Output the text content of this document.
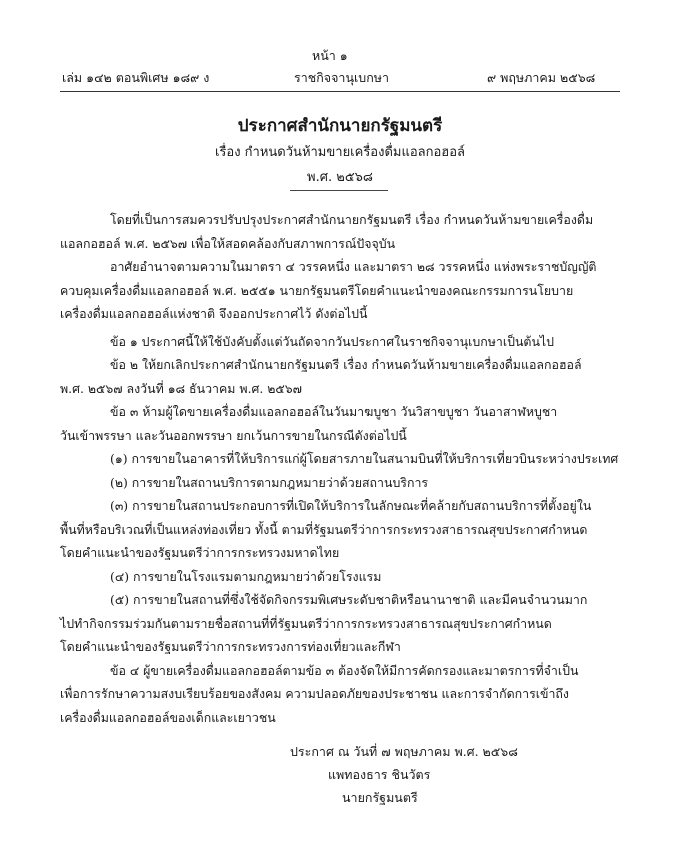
หน้า ๑
เล่ม ๑๔๒ ตอนพิเศษ ๑๘๙ ง	ราชกิจจานุเบกษา	๙ พฤษภาคม ๒๕๖๘
ประกาศสำนักนายกรัฐมนตรี
เรื่อง กำหนดวันห้ามขายเครื่องดื่มแอลกอฮอล์
พ.ศ. ๒๕๖๘
โดยที่เป็นการสมควรปรับปรุงประกาศสำนักนายกรัฐมนตรี เรื่อง กำหนดวันห้ามขายเครื่องดื่ม
แอลกอฮอล์ พ.ศ. ๒๕๖๗ เพื่อให้สอดคล้องกับสภาพการณ์ปัจจุบัน
อาศัยอำนาจตามความในมาตรา ๔ วรรคหนึ่ง และมาตรา ๒๘ วรรคหนึ่ง แห่งพระราชบัญญัติ
ควบคุมเครื่องดื่มแอลกอฮอล์ พ.ศ. ๒๕๕๑ นายกรัฐมนตรีโดยคำแนะนำของคณะกรรมการนโยบาย
เครื่องดื่มแอลกอฮอล์แห่งชาติ จึงออกประกาศไว้ ดังต่อไปนี้
ข้อ ๑ ประกาศนี้ให้ใช้บังคับตั้งแต่วันถัดจากวันประกาศในราชกิจจานุเบกษาเป็นต้นไป
ข้อ ๒ ให้ยกเลิกประกาศสำนักนายกรัฐมนตรี เรื่อง กำหนดวันห้ามขายเครื่องดื่มแอลกอฮอล์
พ.ศ. ๒๕๖๗ ลงวันที่ ๑๘ ธันวาคม พ.ศ. ๒๕๖๗
ข้อ ๓ ห้ามผู้ใดขายเครื่องดื่มแอลกอฮอล์ในวันมาฆบูชา วันวิสาขบูชา วันอาสาฬหบูชา
วันเข้าพรรษา และวันออกพรรษา ยกเว้นการขายในกรณีดังต่อไปนี้
(๑) การขายในอาคารที่ให้บริการแก่ผู้โดยสารภายในสนามบินที่ให้บริการเที่ยวบินระหว่างประเทศ
(๒) การขายในสถานบริการตามกฎหมายว่าด้วยสถานบริการ
(๓) การขายในสถานประกอบการที่เปิดให้บริการในลักษณะที่คล้ายกับสถานบริการที่ตั้งอยู่ใน
พื้นที่หรือบริเวณที่เป็นแหล่งท่องเที่ยว ทั้งนี้ ตามที่รัฐมนตรีว่าการกระทรวงสาธารณสุขประกาศกำหนด
โดยคำแนะนำของรัฐมนตรีว่าการกระทรวงมหาดไทย
(๔) การขายในโรงแรมตามกฎหมายว่าด้วยโรงแรม
(๕) การขายในสถานที่ซึ่งใช้จัดกิจกรรมพิเศษระดับชาติหรือนานาชาติ และมีคนจำนวนมาก
ไปทำกิจกรรมร่วมกันตามรายชื่อสถานที่ที่รัฐมนตรีว่าการกระทรวงสาธารณสุขประกาศกำหนด
โดยคำแนะนำของรัฐมนตรีว่าการกระทรวงการท่องเที่ยวและกีฬา
ข้อ ๔ ผู้ขายเครื่องดื่มแอลกอฮอล์ตามข้อ ๓ ต้องจัดให้มีการคัดกรองและมาตรการที่จำเป็น
เพื่อการรักษาความสงบเรียบร้อยของสังคม ความปลอดภัยของประชาชน และการจำกัดการเข้าถึง
เครื่องดื่มแอลกอฮอล์ของเด็กและเยาวชน
ประกาศ ณ วันที่ ๗ พฤษภาคม พ.ศ. ๒๕๖๘
แพทองธาร ชินวัตร
นายกรัฐมนตรี
